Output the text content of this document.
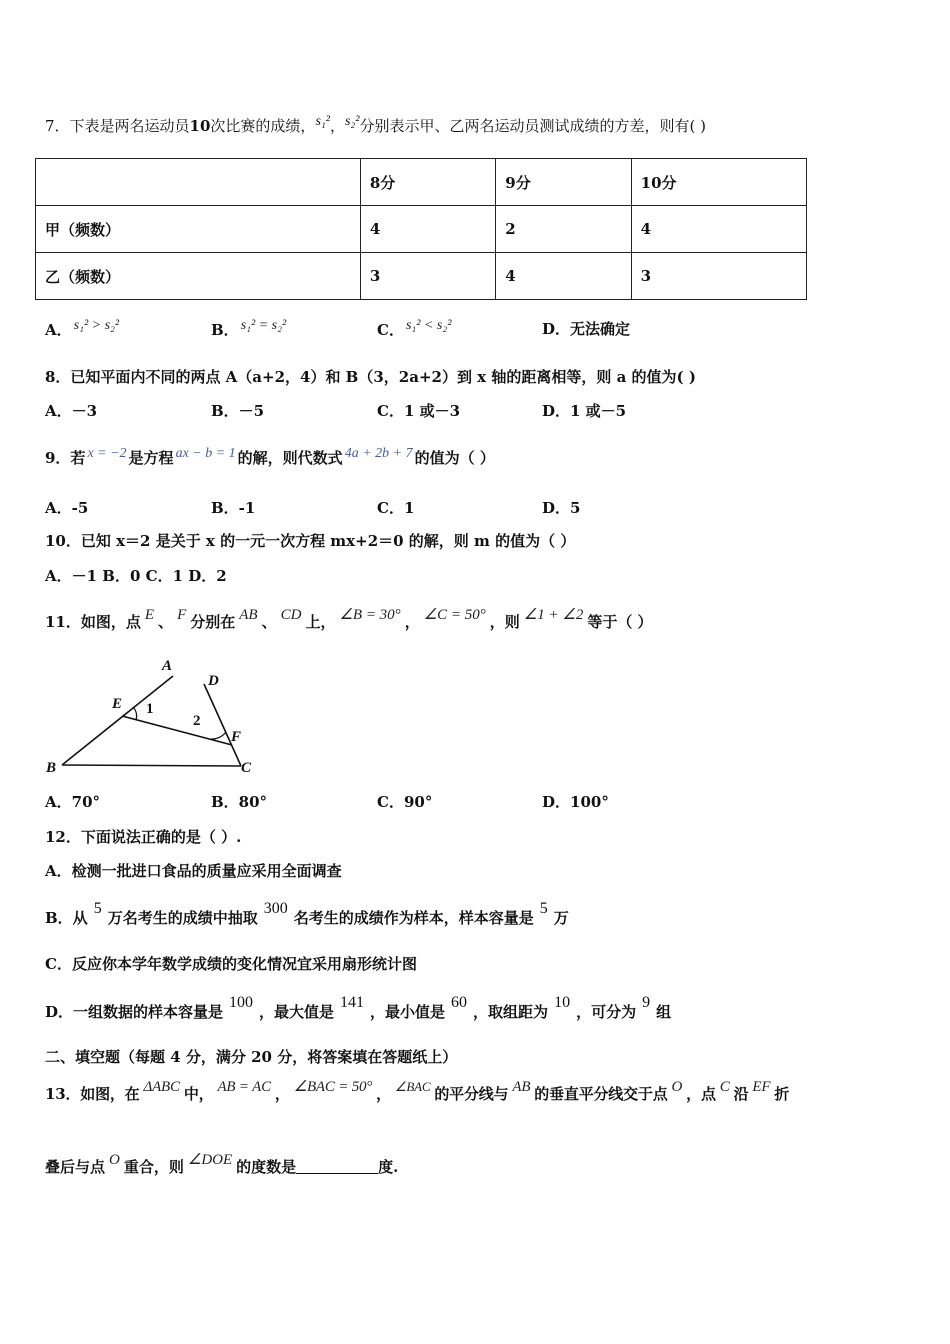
7．下表是两名运动员10次比赛的成绩，s₁²，s₂²分别表示甲、乙两名运动员测试成绩的方差，则有( )
	8分	9分	10分
甲（频数）	4	2	4
乙（频数）	3	4	3
A． s₁² > s₂²	B． s₁² = s₂²	C． s₁² < s₂²	D．无法确定
8．已知平面内不同的两点 A（a+2，4）和 B（3，2a+2）到 x 轴的距离相等，则 a 的值为( )
A．－3	B．－5	C．1 或－3	D．1 或－5
9．若 x = −2 是方程 ax − b = 1 的解，则代数式 4a + 2b + 7 的值为（ ）
A．-5	B．-1	C．1	D．5
10．已知 x＝2 是关于 x 的一元一次方程 mx+2＝0 的解，则 m 的值为（ ）
A．－1 B．0 C．1 D．2
11．如图，点 E 、 F 分别在 AB 、 CD 上， ∠B = 30° ， ∠C = 50° ，则 ∠1 + ∠2 等于（ ）
A
B	C
D
E
F
1
2
A．70°	B．80°	C．90°	D．100°
12．下面说法正确的是（ ）.
A．检测一批进口食品的质量应采用全面调查
B．从5万名考生的成绩中抽取300名考生的成绩作为样本，样本容量是5万
C．反应你本学年数学成绩的变化情况宜采用扇形统计图
D．一组数据的样本容量是100，最大值是141，最小值是60，取组距为10，可分为9组
二、填空题（每题 4 分，满分 20 分，将答案填在答题纸上）
13．如图，在 ΔABC 中， AB = AC ， ∠BAC = 50° ， ∠BAC 的平分线与 AB 的垂直平分线交于点 O ，点 C 沿 EF 折
叠后与点 O 重合，则 ∠DOE 的度数是	度.
